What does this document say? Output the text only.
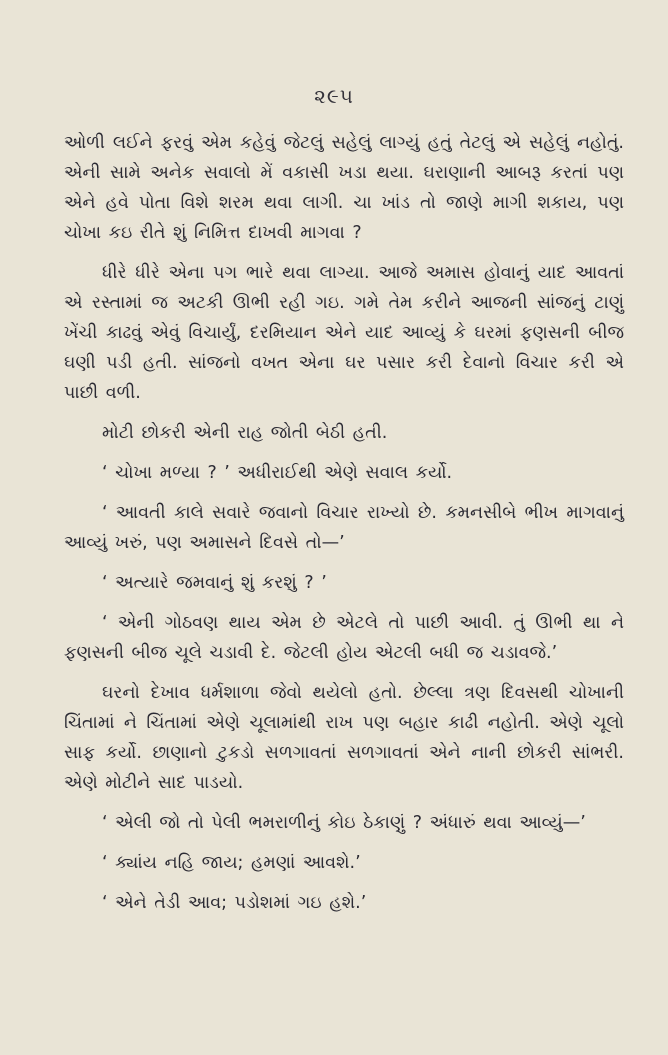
૨૯૫

ઓળી લઈને ફરવું એમ કહેવું જેટલું સહેલું લાગ્યું હતું તેટલું એ સહેલું નહોતું. એની સામે અનેક સવાલો મેં વકાસી ખડા થયા. ઘરાણાની આબરૂ કરતાં પણ એને હવે પોતા વિશે શરમ થવા લાગી. ચા ખાંડ તો જાણે માગી શકાય, પણ ચોખા કઇ રીતે શું નિમિત્ત દાખવી માગવા ?

ધીરે ધીરે એના પગ ભારે થવા લાગ્યા. આજે અમાસ હોવાનું યાદ આવતાં એ રસ્તામાં જ અટકી ઊભી રહી ગઇ. ગમે તેમ કરીને આજની સાંજનું ટાણું ખેંચી કાઢવું એવું વિચાર્યું, દરમિયાન એને યાદ આવ્યું કે ઘરમાં ફણસની બીજ ઘણી પડી હતી. સાંજનો વખત એના ઘર પસાર કરી દેવાનો વિચાર કરી એ પાછી વળી.

મોટી છોકરી એની રાહ જોતી બેઠી હતી.

‘ ચોખા મળ્યા ? ’ અધીરાઈથી એણે સવાલ કર્યો.

‘ આવતી કાલે સવારે જવાનો વિચાર રાખ્યો છે. કમનસીબે ભીખ માગવાનું આવ્યું ખરું, પણ અમાસને દિવસે તો—’

‘ અત્યારે જમવાનું શું કરશું ? ’

‘ એની ગોઠવણ થાય એમ છે એટલે તો પાછી આવી. તું ઊભી થા ને ફણસની બીજ ચૂલે ચડાવી દે. જેટલી હોય એટલી બધી જ ચડાવજે.’

ઘરનો દેખાવ ધર્મશાળા જેવો થયેલો હતો. છેલ્લા ત્રણ દિવસથી ચોખાની ચિંતામાં ને ચિંતામાં એણે ચૂલામાંથી રાખ પણ બહાર કાઢી નહોતી. એણે ચૂલો સાફ કર્યો. છાણાનો ટુકડો સળગાવતાં સળગાવતાં એને નાની છોકરી સાંભરી. એણે મોટીને સાદ પાડયો.

‘ એલી જો તો પેલી ભમરાળીનું કોઇ ઠેકાણું ? અંધારું થવા આવ્યું—’

‘ ક્યાંય નહિ જાય; હમણાં આવશે.’

‘ એને તેડી આવ; પડોશમાં ગઇ હશે.’
